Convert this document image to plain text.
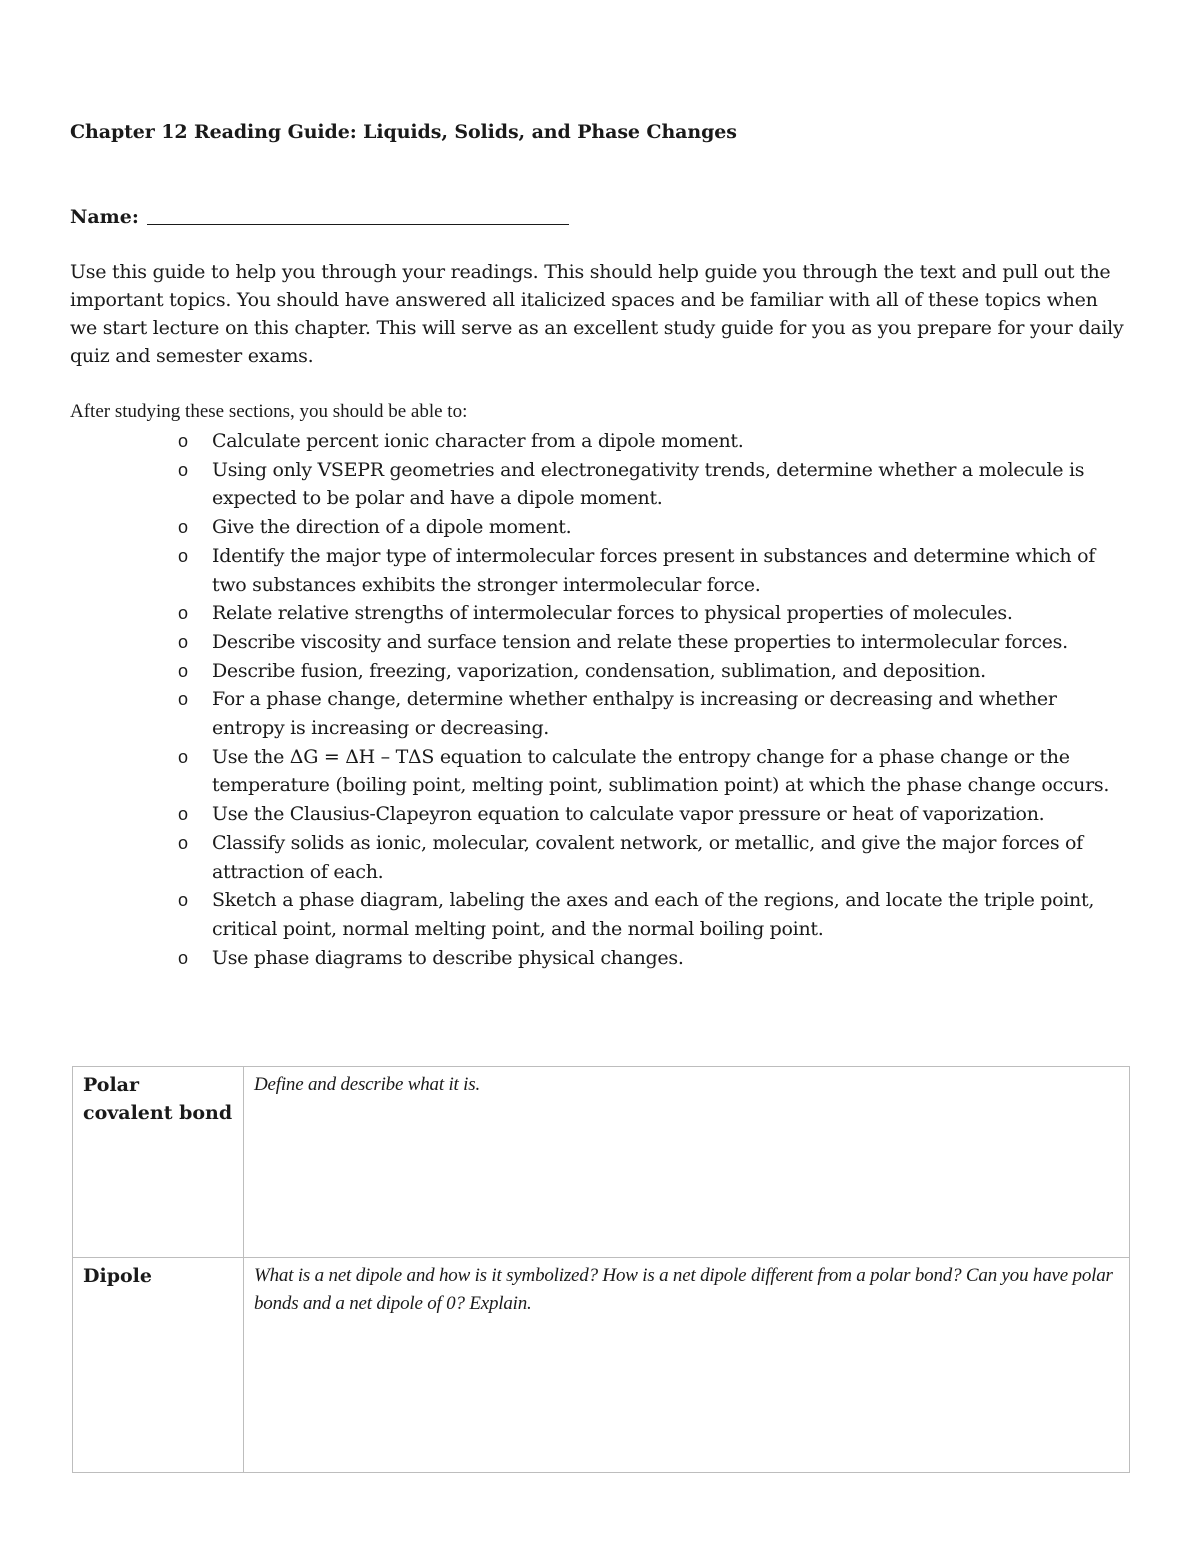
Chapter 12 Reading Guide: Liquids, Solids, and Phase Changes

Name:
Use this guide to help you through your readings. This should help guide you through the text and pull out the important topics. You should have answered all italicized spaces and be familiar with all of these topics when we start lecture on this chapter. This will serve as an excellent study guide for you as you prepare for your daily quiz and semester exams.
After studying these sections, you should be able to:
o Calculate percent ionic character from a dipole moment.
o Using only VSEPR geometries and electronegativity trends, determine whether a molecule is expected to be polar and have a dipole moment.
o Give the direction of a dipole moment.
o Identify the major type of intermolecular forces present in substances and determine which of two substances exhibits the stronger intermolecular force.
o Relate relative strengths of intermolecular forces to physical properties of molecules.
o Describe viscosity and surface tension and relate these properties to intermolecular forces.
o Describe fusion, freezing, vaporization, condensation, sublimation, and deposition.
o For a phase change, determine whether enthalpy is increasing or decreasing and whether entropy is increasing or decreasing.
o Use the ΔG = ΔH – TΔS equation to calculate the entropy change for a phase change or the temperature (boiling point, melting point, sublimation point) at which the phase change occurs.
o Use the Clausius-Clapeyron equation to calculate vapor pressure or heat of vaporization.
o Classify solids as ionic, molecular, covalent network, or metallic, and give the major forces of attraction of each.
o Sketch a phase diagram, labeling the axes and each of the regions, and locate the triple point, critical point, normal melting point, and the normal boiling point.
o Use phase diagrams to describe physical changes.
Polar covalent bond	Define and describe what it is.
Dipole	What is a net dipole and how is it symbolized? How is a net dipole different from a polar bond? Can you have polar bonds and a net dipole of 0? Explain.
